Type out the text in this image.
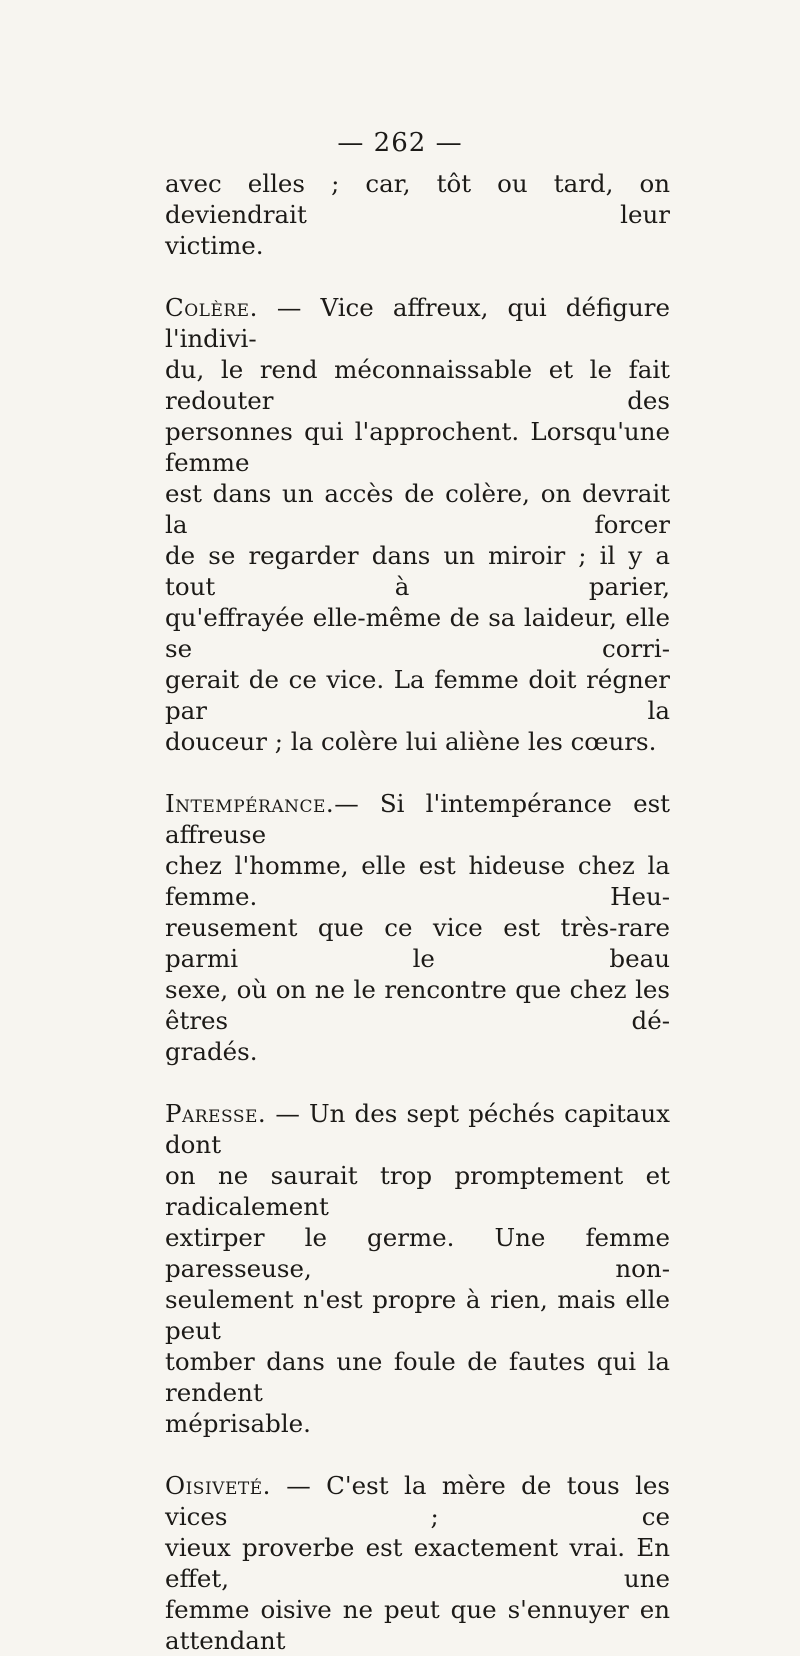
— 262 —

avec elles ; car, tôt ou tard, on deviendrait leur
victime.

Colère. — Vice affreux, qui défigure l'indivi-
du, le rend méconnaissable et le fait redouter des
personnes qui l'approchent. Lorsqu'une femme
est dans un accès de colère, on devrait la forcer
de se regarder dans un miroir ; il y a tout à parier,
qu'effrayée elle-même de sa laideur, elle se corri-
gerait de ce vice. La femme doit régner par la
douceur ; la colère lui aliène les cœurs.

Intempérance.— Si l'intempérance est affreuse
chez l'homme, elle est hideuse chez la femme. Heu-
reusement que ce vice est très-rare parmi le beau
sexe, où on ne le rencontre que chez les êtres dé-
gradés.

Paresse. — Un des sept péchés capitaux dont
on ne saurait trop promptement et radicalement
extirper le germe. Une femme paresseuse, non-
seulement n'est propre à rien, mais elle peut
tomber dans une foule de fautes qui la rendent
méprisable.

Oisiveté. — C'est la mère de tous les vices ; ce
vieux proverbe est exactement vrai. En effet, une
femme oisive ne peut que s'ennuyer en attendant
